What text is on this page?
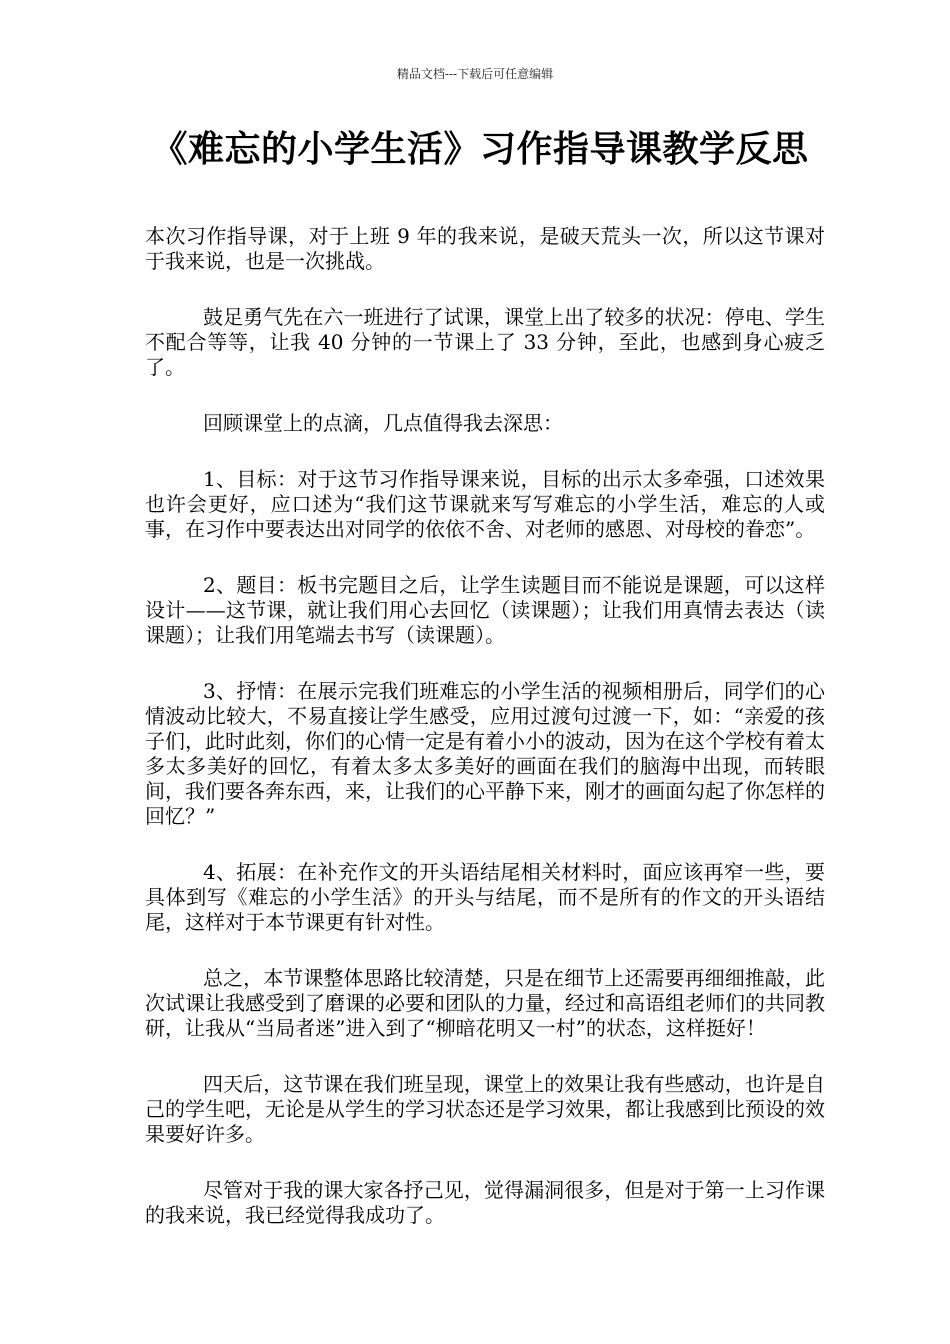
精品文档---下载后可任意编辑
《难忘的小学生活》习作指导课教学反思

本次习作指导课，对于上班 9 年的我来说，是破天荒头一次，所以这节课对于我来说，也是一次挑战。

鼓足勇气先在六一班进行了试课，课堂上出了较多的状况：停电、学生不配合等等，让我 40 分钟的一节课上了 33 分钟，至此，也感到身心疲乏了。

回顾课堂上的点滴，几点值得我去深思：

1、目标：对于这节习作指导课来说，目标的出示太多牵强，口述效果也许会更好，应口述为“我们这节课就来写写难忘的小学生活，难忘的人或事，在习作中要表达出对同学的依依不舍、对老师的感恩、对母校的眷恋”。

2、题目：板书完题目之后，让学生读题目而不能说是课题，可以这样设计——这节课，就让我们用心去回忆（读课题）；让我们用真情去表达（读课题）；让我们用笔端去书写（读课题）。

3、抒情：在展示完我们班难忘的小学生活的视频相册后，同学们的心情波动比较大，不易直接让学生感受，应用过渡句过渡一下，如：“亲爱的孩子们，此时此刻，你们的心情一定是有着小小的波动，因为在这个学校有着太多太多美好的回忆，有着太多太多美好的画面在我们的脑海中出现，而转眼间，我们要各奔东西，来，让我们的心平静下来，刚才的画面勾起了你怎样的回忆？”

4、拓展：在补充作文的开头语结尾相关材料时，面应该再窄一些，要具体到写《难忘的小学生活》的开头与结尾，而不是所有的作文的开头语结尾，这样对于本节课更有针对性。

总之，本节课整体思路比较清楚，只是在细节上还需要再细细推敲，此次试课让我感受到了磨课的必要和团队的力量，经过和高语组老师们的共同教研，让我从“当局者迷”进入到了“柳暗花明又一村”的状态，这样挺好！

四天后，这节课在我们班呈现，课堂上的效果让我有些感动，也许是自己的学生吧，无论是从学生的学习状态还是学习效果，都让我感到比预设的效果要好许多。

尽管对于我的课大家各抒己见，觉得漏洞很多，但是对于第一上习作课的我来说，我已经觉得我成功了。
